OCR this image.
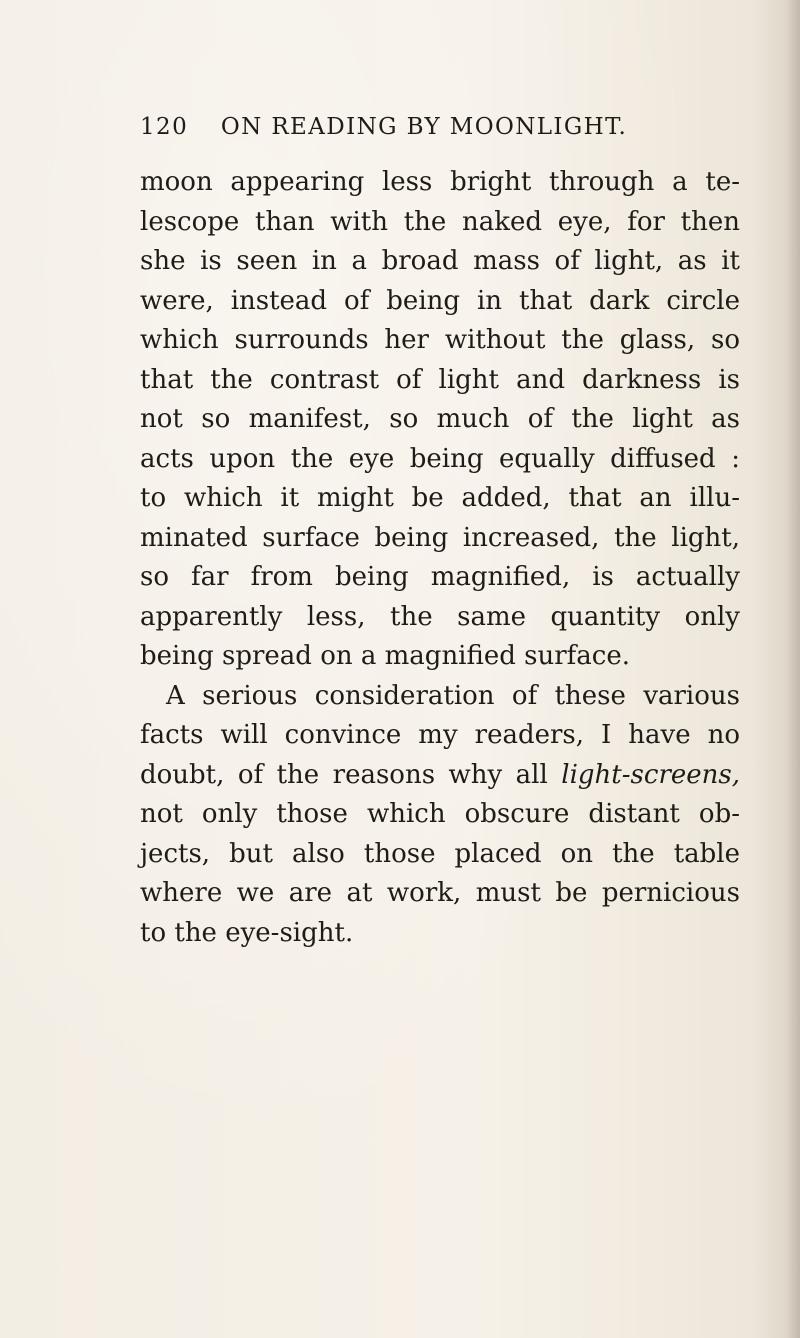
120 ON READING BY MOONLIGHT.
moon appearing less bright through a te-
lescope than with the naked eye, for then
she is seen in a broad mass of light, as it
were, instead of being in that dark circle
which surrounds her without the glass, so
that the contrast of light and darkness is
not so manifest, so much of the light as
acts upon the eye being equally diffused :
to which it might be added, that an illu-
minated surface being increased, the light,
so far from being magnified, is actually
apparently less, the same quantity only
being spread on a magnified surface.
A serious consideration of these various
facts will convince my readers, I have no
doubt, of the reasons why all light-screens,
not only those which obscure distant ob-
jects, but also those placed on the table
where we are at work, must be pernicious
to the eye-sight.
